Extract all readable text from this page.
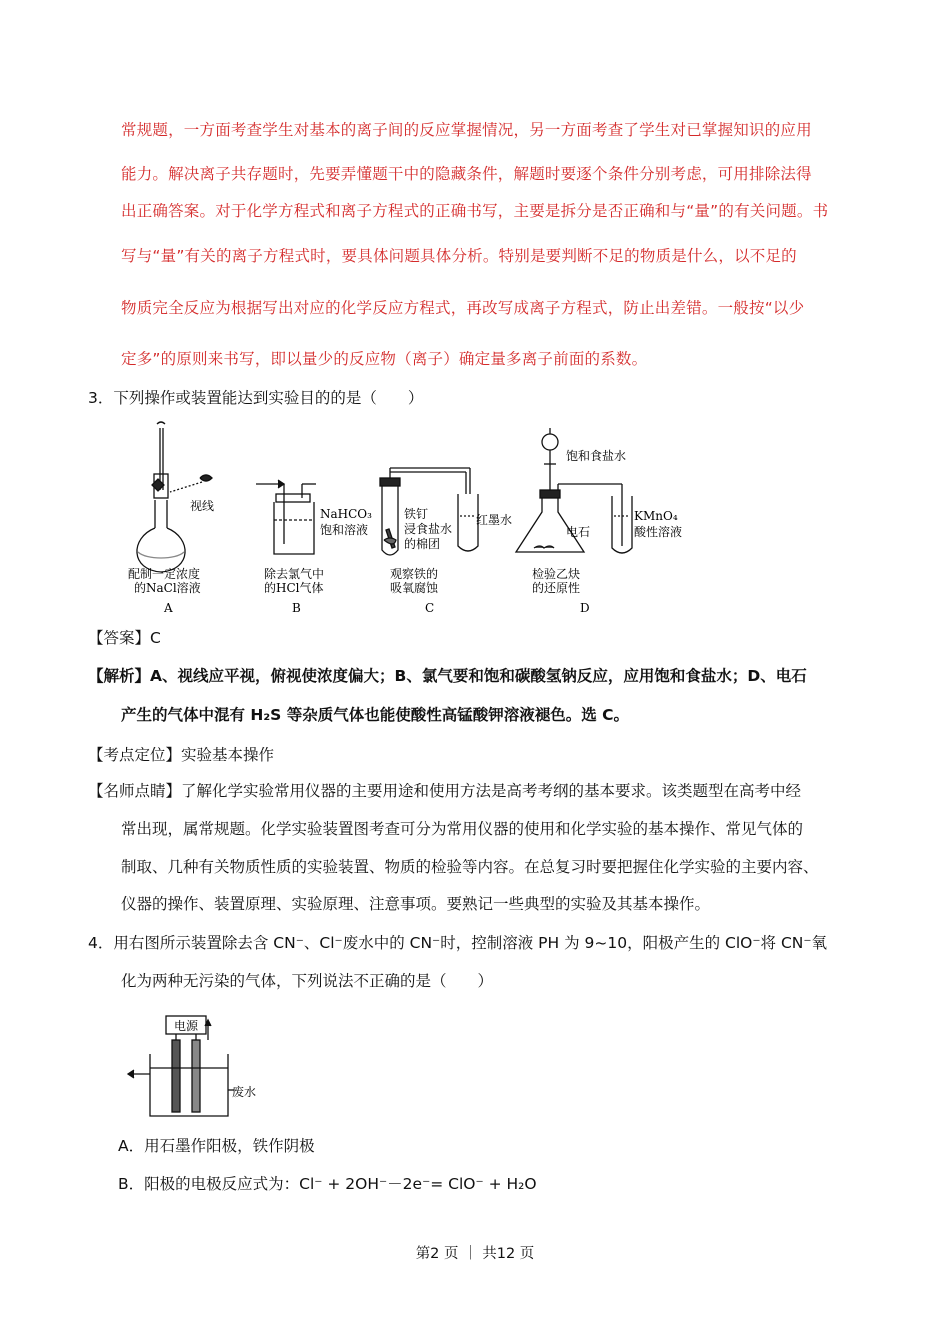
常规题，一方面考查学生对基本的离子间的反应掌握情况，另一方面考查了学生对已掌握知识的应用
能力。解决离子共存题时，先要弄懂题干中的隐藏条件，解题时要逐个条件分别考虑，可用排除法得
出正确答案。对于化学方程式和离子方程式的正确书写，主要是拆分是否正确和与“量”的有关问题。书
写与“量”有关的离子方程式时，要具体问题具体分析。特别是要判断不足的物质是什么，以不足的
物质完全反应为根据写出对应的化学反应方程式，再改写成离子方程式，防止出差错。一般按“以少
定多”的原则来书写，即以量少的反应物（离子）确定量多离子前面的系数。
3．下列操作或装置能达到实验目的的是（　　）
视线
配制一定浓度
的NaCl溶液
A
NaHCO₃
饱和溶液
除去氯气中
的HCl气体
B
铁钉
浸食盐水
的棉团
红墨水
观察铁的
吸氧腐蚀
C
饱和食盐水
电石
KMnO₄
酸性溶液
检验乙炔
的还原性
D
【答案】C
【解析】A、视线应平视，俯视使浓度偏大；B、氯气要和饱和碳酸氢钠反应，应用饱和食盐水；D、电石
产生的气体中混有 H₂S 等杂质气体也能使酸性高锰酸钾溶液褪色。选 C。
【考点定位】实验基本操作
【名师点睛】了解化学实验常用仪器的主要用途和使用方法是高考考纲的基本要求。该类题型在高考中经
常出现，属常规题。化学实验装置图考查可分为常用仪器的使用和化学实验的基本操作、常见气体的
制取、几种有关物质性质的实验装置、物质的检验等内容。在总复习时要把握住化学实验的主要内容、
仪器的操作、装置原理、实验原理、注意事项。要熟记一些典型的实验及其基本操作。
4．用右图所示装置除去含 CN⁻、Cl⁻废水中的 CN⁻时，控制溶液 PH 为 9~10，阳极产生的 ClO⁻将 CN⁻氧
化为两种无污染的气体，下列说法不正确的是（　　）
电源
废水
A．用石墨作阳极，铁作阴极
B．阳极的电极反应式为：Cl⁻ + 2OH⁻－2e⁻= ClO⁻ + H₂O
第2 页 ｜ 共12 页
